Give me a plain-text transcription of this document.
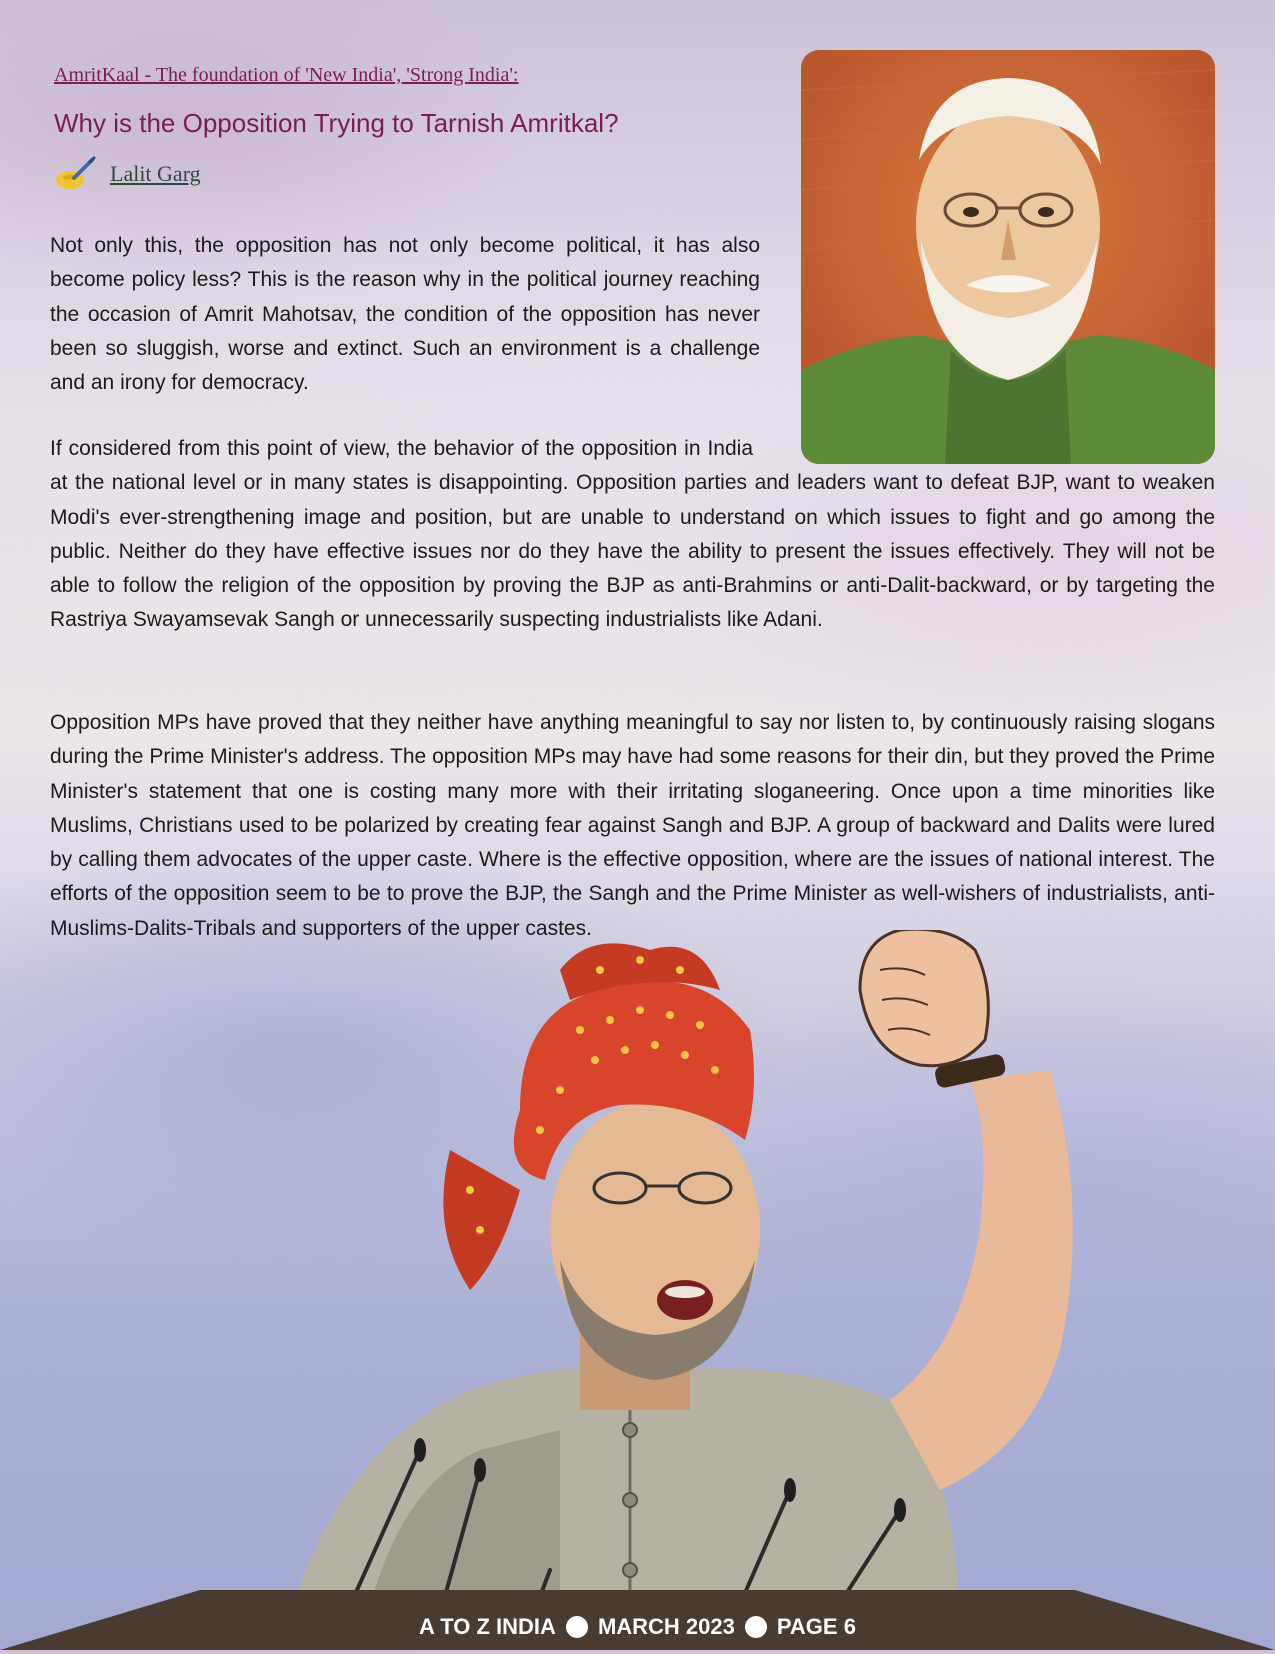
AmritKaal - The foundation of 'New India', 'Strong India':
Why is the Opposition Trying to Tarnish Amritkal?
Lalit Garg
Not only this, the opposition has not only become political, it has also become policy less? This is the reason why in the political journey reaching the occasion of Amrit Mahotsav, the condition of the opposition has never been so sluggish, worse and extinct. Such an environment is a challenge and an irony for democracy.
If considered from this point of view, the behavior of the opposition in India at the national level or in many states is disappointing. Opposition parties and leaders want to defeat BJP, want to weaken Modi's ever-strengthening image and position, but are unable to understand on which issues to fight and go among the public. Neither do they have effective issues nor do they have the ability to present the issues effectively. They will not be able to follow the religion of the opposition by proving the BJP as anti-Brahmins or anti-Dalit-backward, or by targeting the Rastriya Swayamsevak Sangh or unnecessarily suspecting industrialists like Adani.
Opposition MPs have proved that they neither have anything meaningful to say nor listen to, by continuously raising slogans during the Prime Minister's address. The opposition MPs may have had some reasons for their din, but they proved the Prime Minister's statement that one is costing many more with their irritating sloganeering. Once upon a time minorities like Muslims, Christians used to be polarized by creating fear against Sangh and BJP. A group of backward and Dalits were lured by calling them advocates of the upper caste. Where is the effective opposition, where are the issues of national interest. The efforts of the opposition seem to be to prove the BJP, the Sangh and the Prime Minister as well-wishers of industrialists, anti-Muslims-Dalits-Tribals and supporters of the upper castes.
A TO Z INDIA MARCH 2023 PAGE 6
